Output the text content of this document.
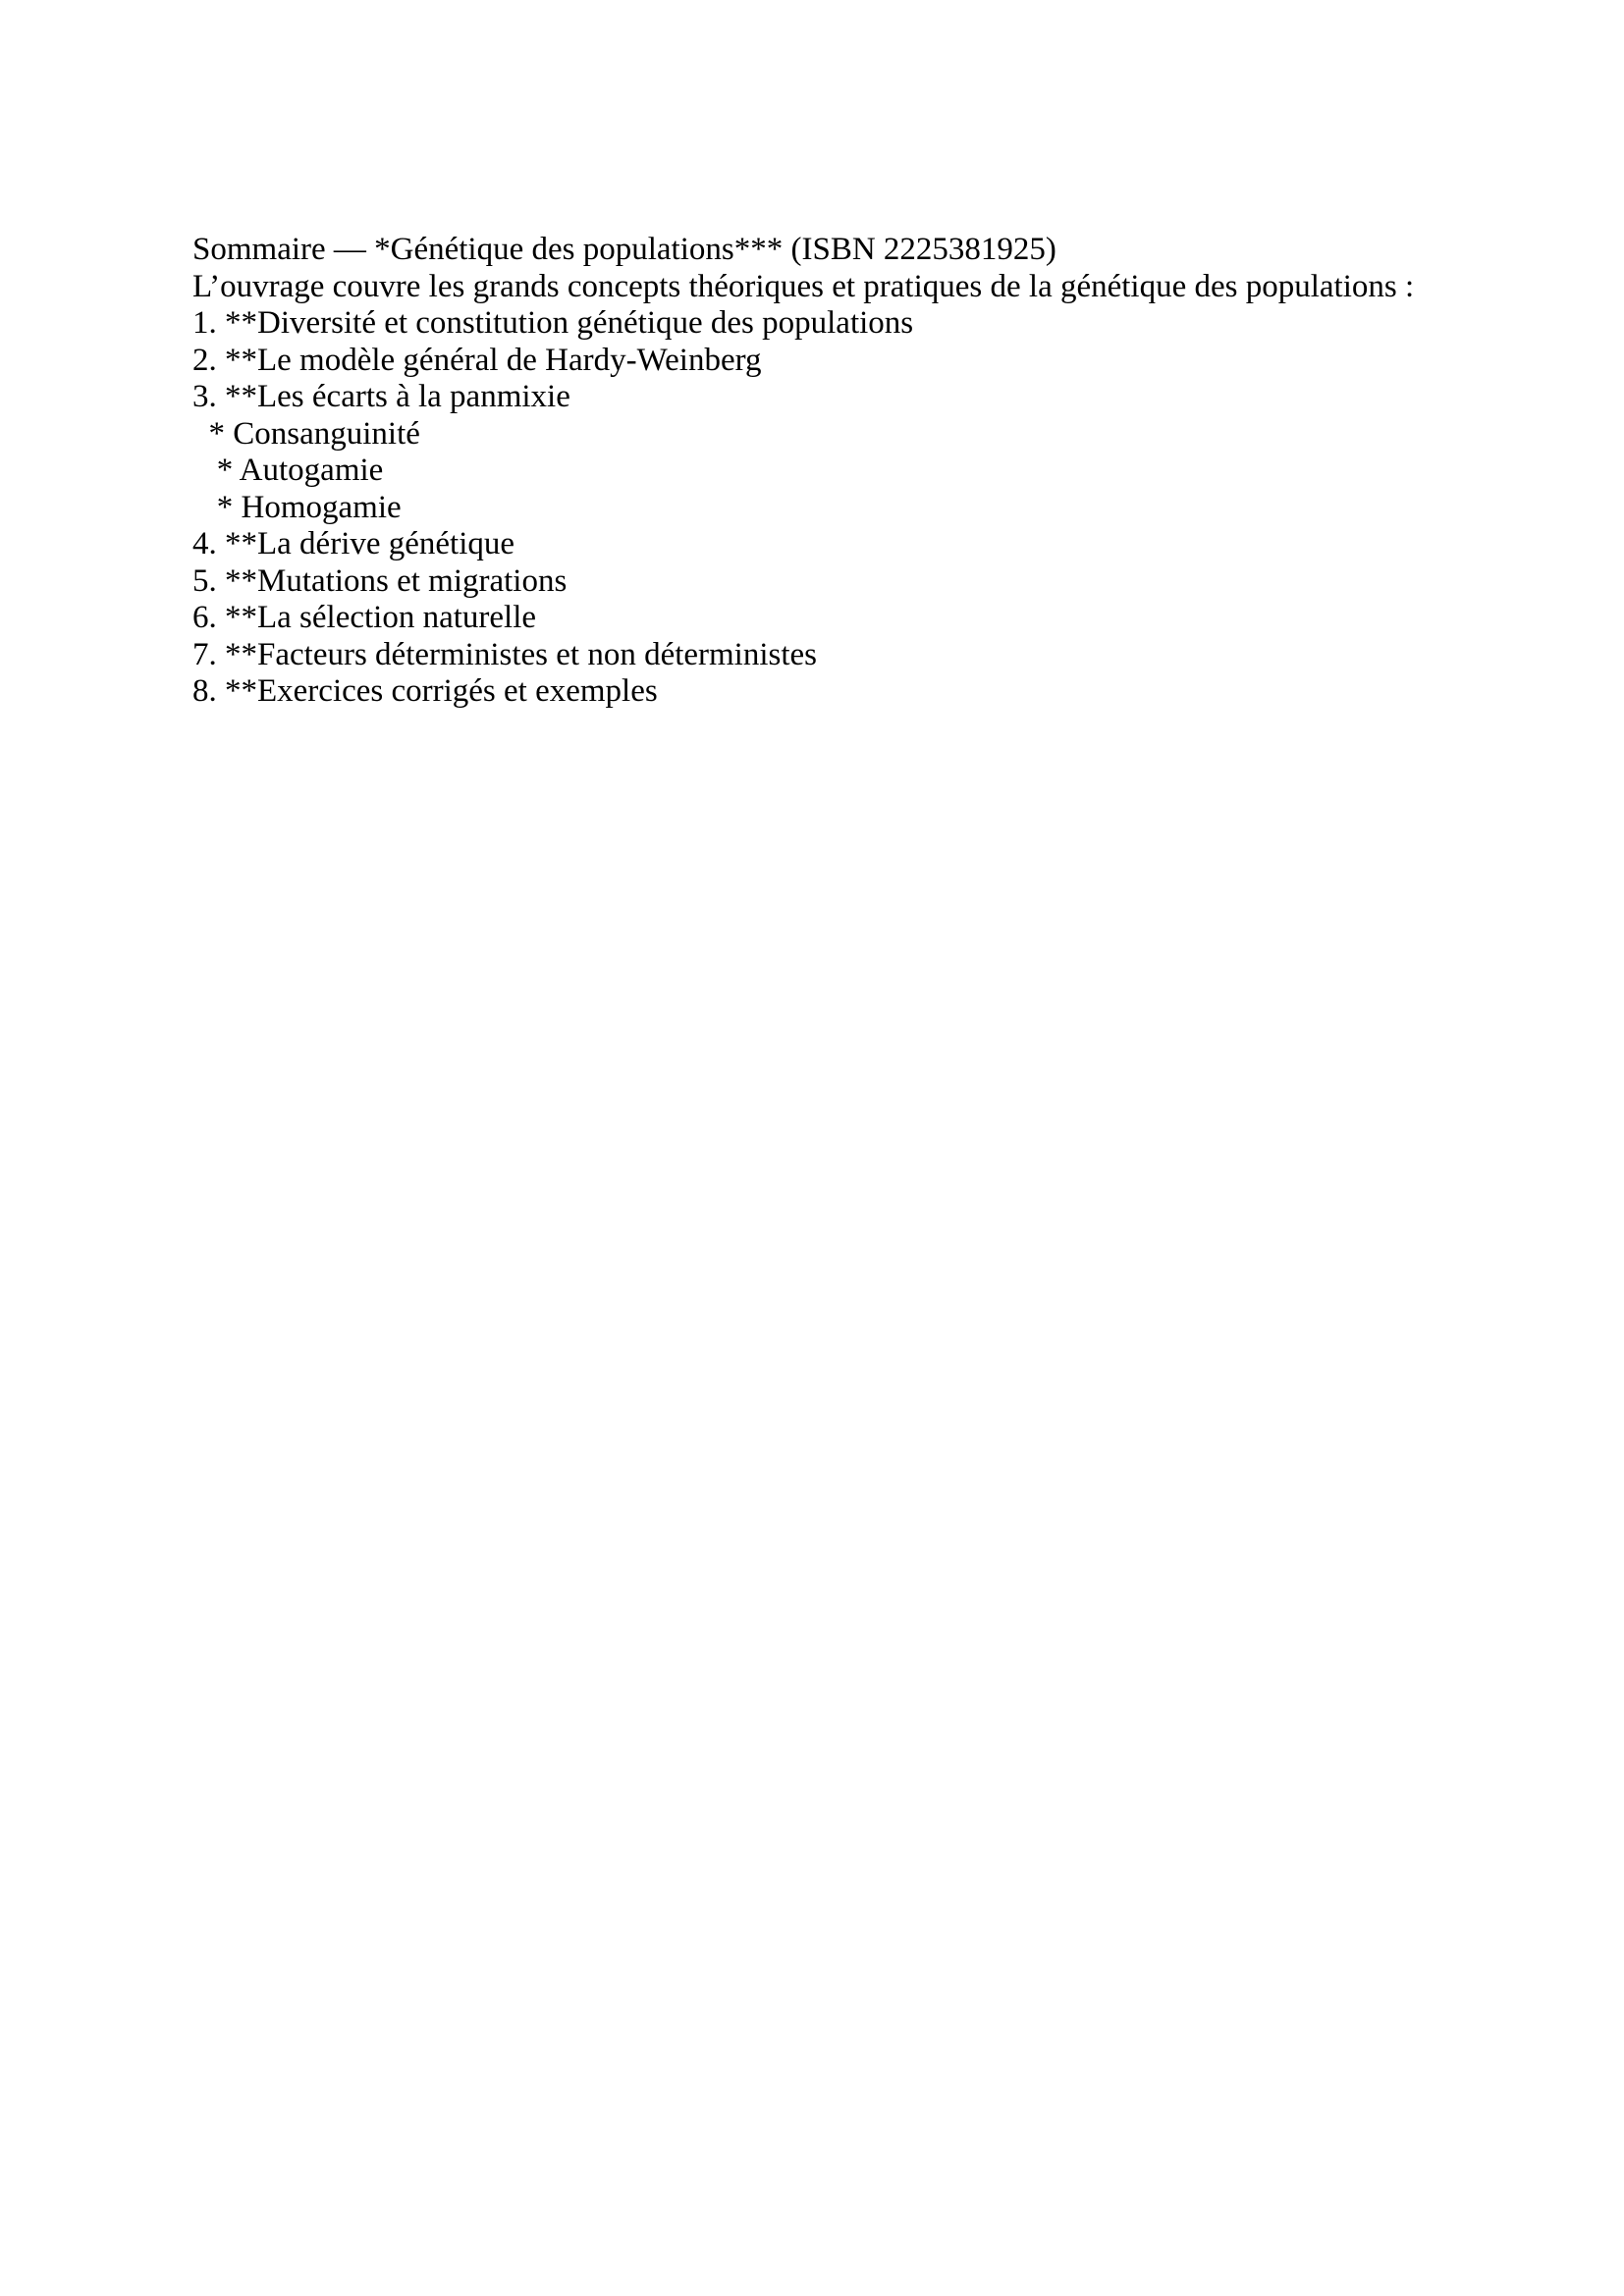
Sommaire — *Génétique des populations*** (ISBN 2225381925)
L’ouvrage couvre les grands concepts théoriques et pratiques de la génétique des populations :
1. **Diversité et constitution génétique des populations
2. **Le modèle général de Hardy-Weinberg
3. **Les écarts à la panmixie
* Consanguinité
* Autogamie
* Homogamie
4. **La dérive génétique
5. **Mutations et migrations
6. **La sélection naturelle
7. **Facteurs déterministes et non déterministes
8. **Exercices corrigés et exemples
